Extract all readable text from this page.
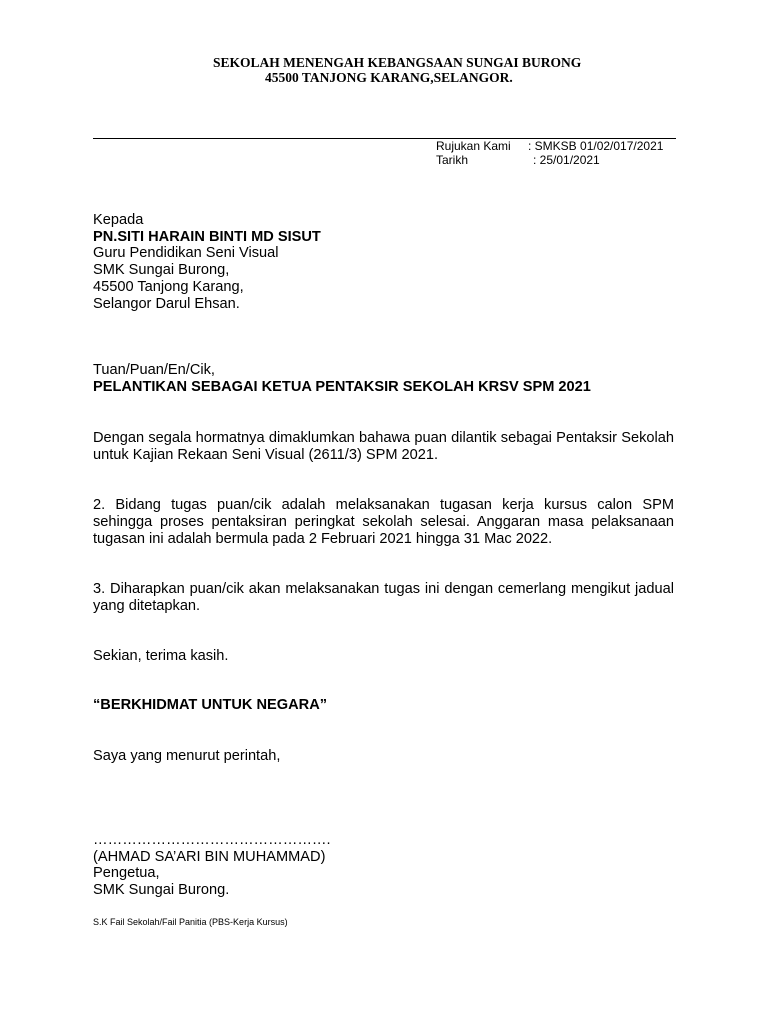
SEKOLAH MENENGAH KEBANGSAAN SUNGAI BURONG
45500 TANJONG KARANG,SELANGOR.
Rujukan Kami : SMKSB 01/02/017/2021
Tarikh	: 25/01/2021
Kepada
PN.SITI HARAIN BINTI MD SISUT
Guru Pendidikan Seni Visual
SMK Sungai Burong,
45500 Tanjong Karang,
Selangor Darul Ehsan.
Tuan/Puan/En/Cik,
PELANTIKAN SEBAGAI KETUA PENTAKSIR SEKOLAH KRSV SPM 2021
Dengan segala hormatnya dimaklumkan bahawa puan dilantik sebagai Pentaksir Sekolah untuk Kajian Rekaan Seni Visual (2611/3) SPM 2021.
2. Bidang tugas puan/cik adalah melaksanakan tugasan kerja kursus calon SPM sehingga proses pentaksiran peringkat sekolah selesai. Anggaran masa pelaksanaan tugasan ini adalah bermula pada 2 Februari 2021 hingga 31 Mac 2022.
3. Diharapkan puan/cik akan melaksanakan tugas ini dengan cemerlang mengikut jadual yang ditetapkan.
Sekian, terima kasih.
“BERKHIDMAT UNTUK NEGARA”
Saya yang menurut perintah,
………………………………………….
(AHMAD SA’ARI BIN MUHAMMAD)
Pengetua,
SMK Sungai Burong.
S.K Fail Sekolah/Fail Panitia (PBS-Kerja Kursus)
